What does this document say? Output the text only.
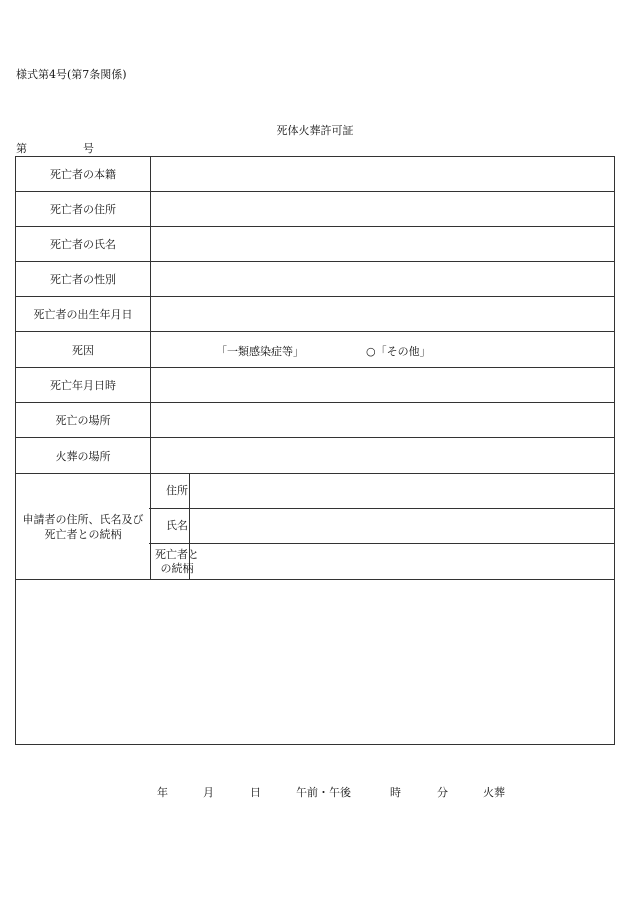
様式第4号(第7条関係)
死体火葬許可証
第	号
死亡者の本籍
死亡者の住所
死亡者の氏名
死亡者の性別
死亡者の出生年月日
死因	「一類感染症等」	○「その他」
死亡年月日時
死亡の場所
火葬の場所
申請者の住所、氏名及び
死亡者との続柄
住所
氏名
死亡者と
の続柄
年	月	日	午前・午後	時	分	火葬
